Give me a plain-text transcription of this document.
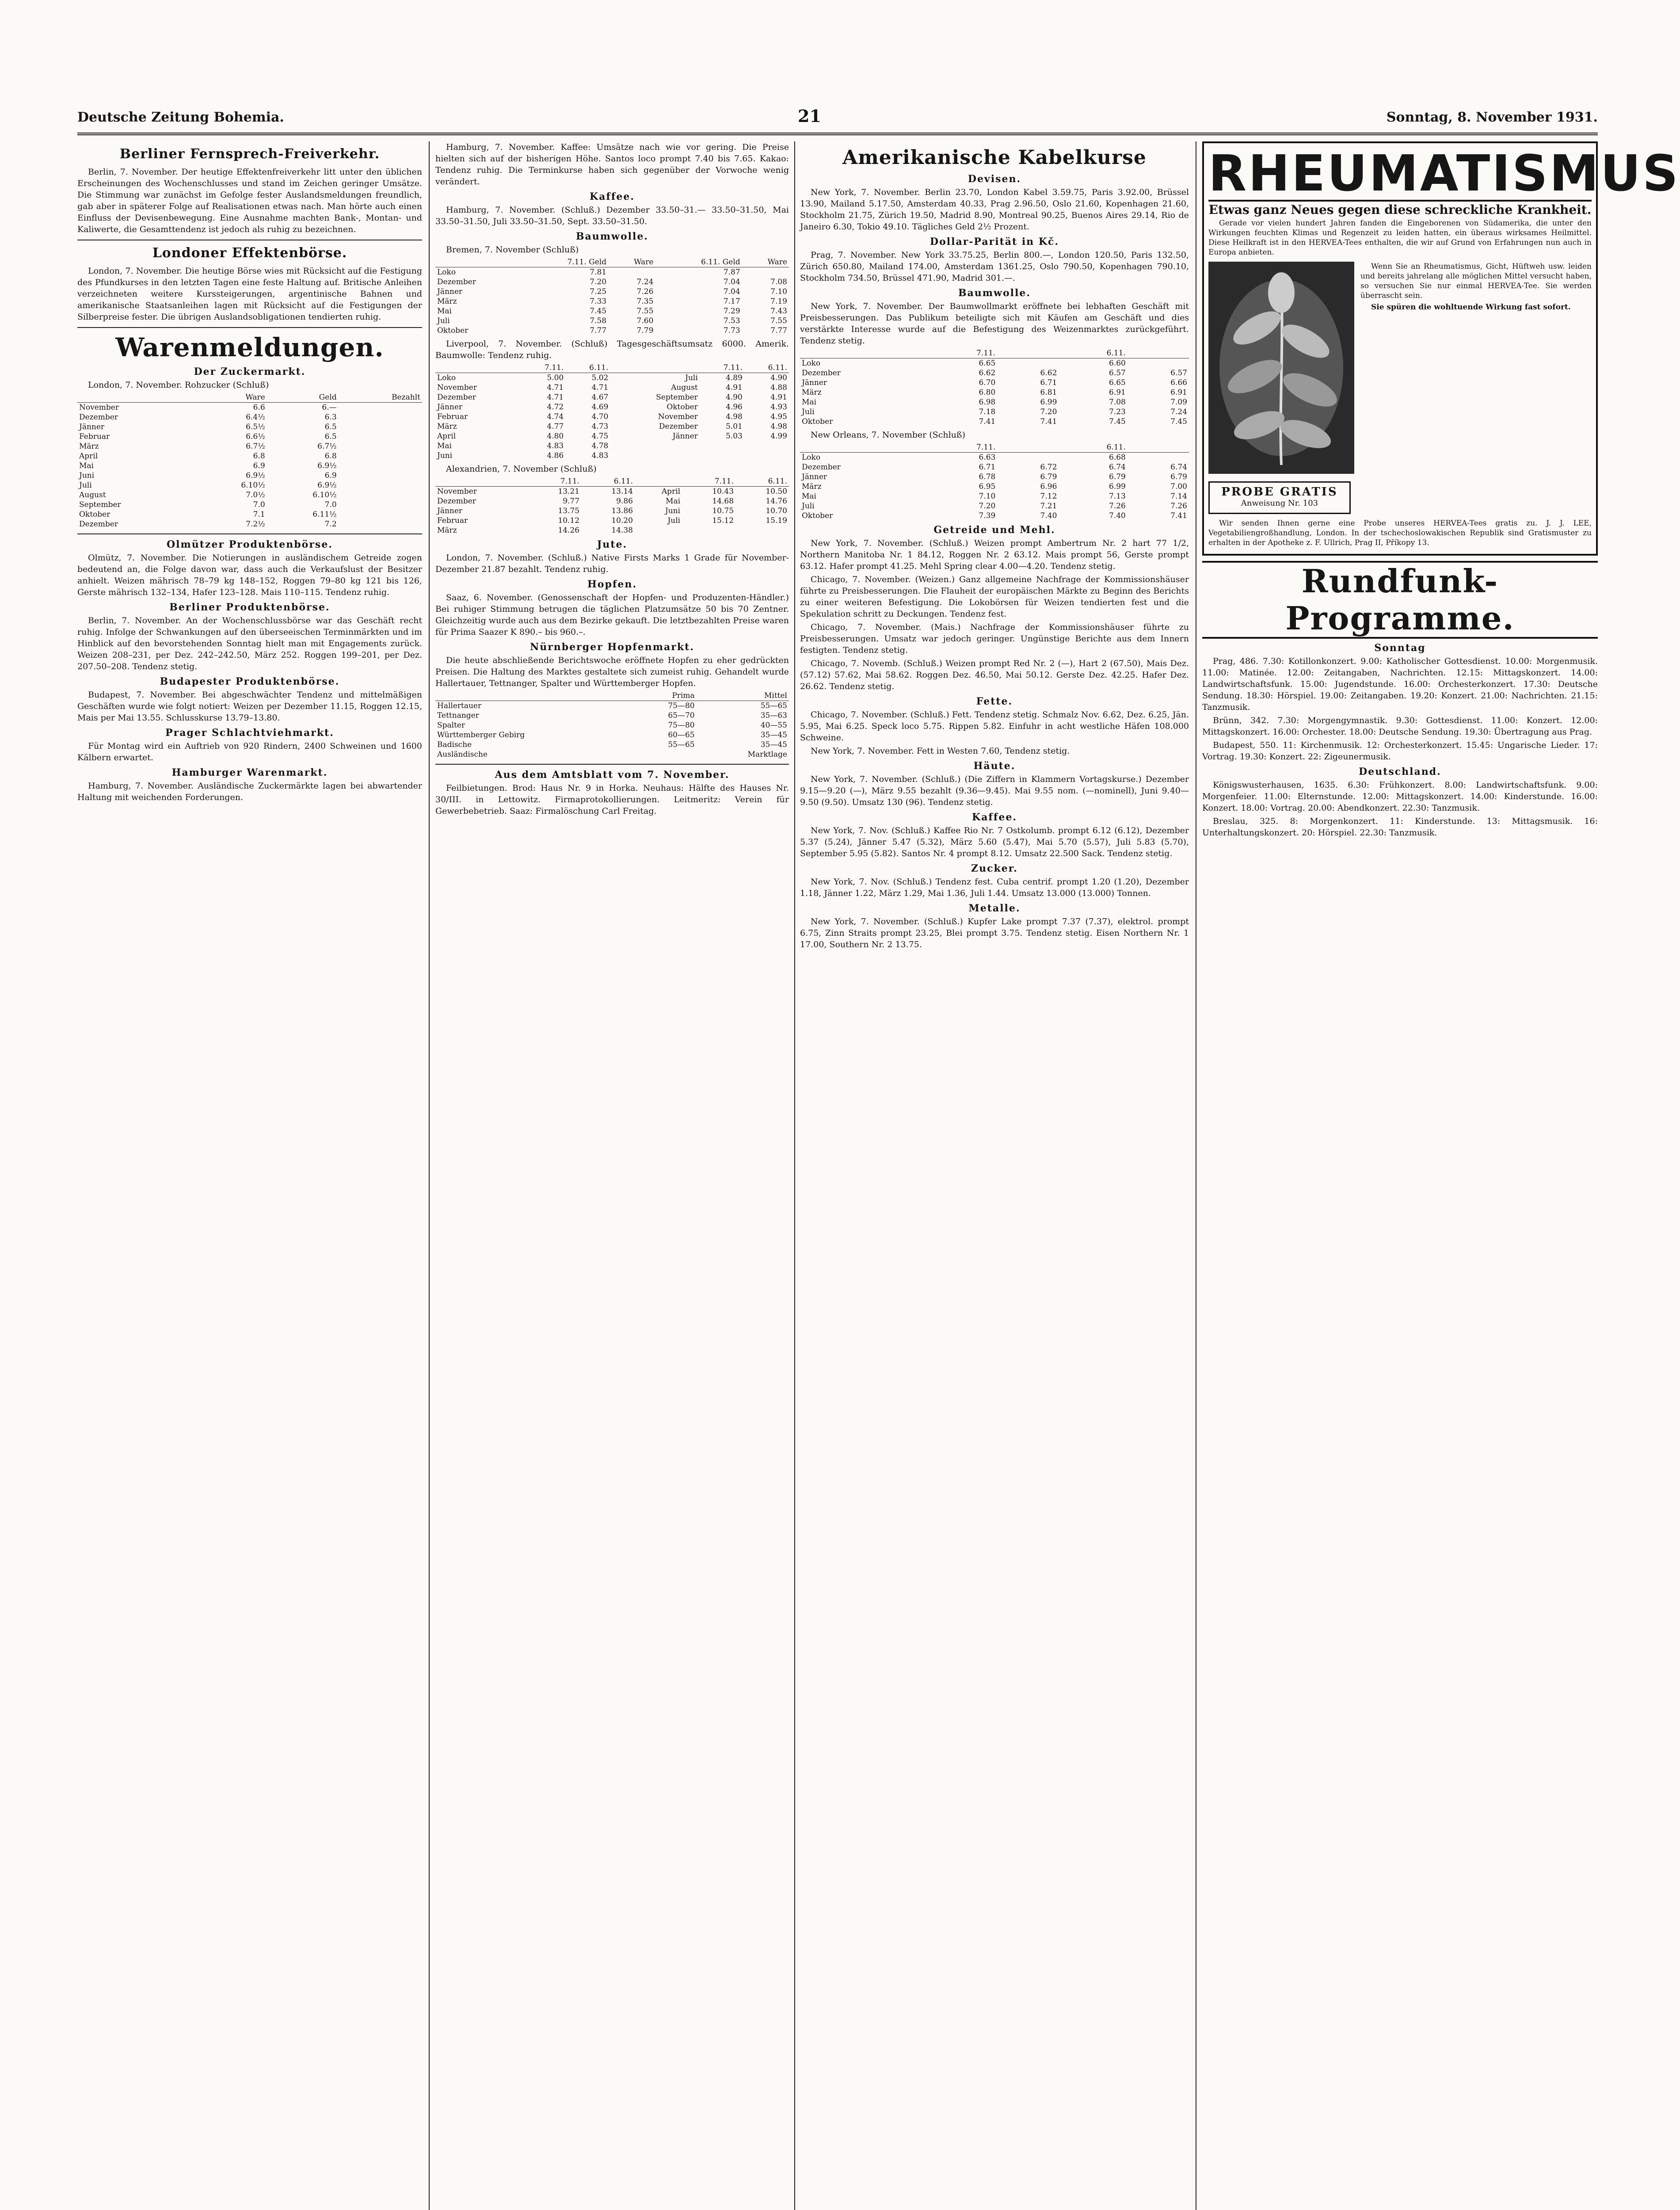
Deutsche Zeitung Bohemia.	21	Sonntag, 8. November 1931.
Berliner Fernsprech-Freiverkehr.

Berlin, 7. November. Der heutige Effektenfreiverkehr litt unter den üblichen Erscheinungen des Wochenschlusses und stand im Zeichen geringer Umsätze. Die Stimmung war zunächst im Gefolge fester Auslandsmeldungen freundlich, gab aber in späterer Folge auf Realisationen etwas nach. Man hörte auch einen Einfluss der Devisenbewegung. Eine Ausnahme machten Bank-, Montan- und Kaliwerte, die Gesamttendenz ist jedoch als ruhig zu bezeichnen.

Londoner Effektenbörse.

London, 7. November. Die heutige Börse wies mit Rücksicht auf die Festigung des Pfundkurses in den letzten Tagen eine feste Haltung auf. Britische Anleihen verzeichneten weitere Kurssteigerungen, argentinische Bahnen und amerikanische Staatsanleihen lagen mit Rücksicht auf die Festigungen der Silberpreise fester. Die übrigen Auslandsobligationen tendierten ruhig.

Warenmeldungen.
Der Zuckermarkt.

London, 7. November. Rohzucker (Schluß)

	Ware	Geld	Bezahlt
November	6.6	6.—	
Dezember	6.4½	6.3	
Jänner	6.5½	6.5	
Februar	6.6½	6.5	
März	6.7½	6.7½	
April	6.8	6.8	
Mai	6.9	6.9½	
Juni	6.9½	6.9	
Juli	6.10½	6.9½	
August	7.0½	6.10½	
September	7.0	7.0	
Oktober	7.1	6.11½	
Dezember	7.2½	7.2	
Olmützer Produktenbörse.

Olmütz, 7. November. Die Notierungen in ausländischem Getreide zogen bedeutend an, die Folge davon war, dass auch die Verkaufslust der Besitzer anhielt. Weizen mährisch 78–79 kg 148–152, Roggen 79–80 kg 121 bis 126, Gerste mährisch 132–134, Hafer 123–128. Mais 110–115. Tendenz ruhig.

Berliner Produktenbörse.

Berlin, 7. November. An der Wochenschlussbörse war das Geschäft recht ruhig. Infolge der Schwankungen auf den überseeischen Terminmärkten und im Hinblick auf den bevorstehenden Sonntag hielt man mit Engagements zurück. Weizen 208–231, per Dez. 242–242.50, März 252. Roggen 199–201, per Dez. 207.50–208. Tendenz stetig.

Budapester Produktenbörse.

Budapest, 7. November. Bei abgeschwächter Tendenz und mittelmäßigen Geschäften wurde wie folgt notiert: Weizen per Dezember 11.15, Roggen 12.15, Mais per Mai 13.55. Schlusskurse 13.79–13.80.

Prager Schlachtviehmarkt.

Für Montag wird ein Auftrieb von 920 Rindern, 2400 Schweinen und 1600 Kälbern erwartet.

Hamburger Warenmarkt.

Hamburg, 7. November. Ausländische Zuckermärkte lagen bei abwartender Haltung mit weichenden Forderungen.

Hamburg, 7. November. Kaffee: Umsätze nach wie vor gering. Die Preise hielten sich auf der bisherigen Höhe. Santos loco prompt 7.40 bis 7.65. Kakao: Tendenz ruhig. Die Terminkurse haben sich gegenüber der Vorwoche wenig verändert.

Kaffee.

Hamburg, 7. November. (Schluß.) Dezember 33.50–31.— 33.50–31.50, Mai 33.50–31.50, Juli 33.50–31.50, Sept. 33.50–31.50.

Baumwolle.

Bremen, 7. November (Schluß)

	7.11. Geld	Ware	6.11. Geld	Ware
Loko	7.81		7.87	
Dezember	7.20	7.24	7.04	7.08
Jänner	7.25	7.26	7.04	7.10
März	7.33	7.35	7.17	7.19
Mai	7.45	7.55	7.29	7.43
Juli	7.58	7.60	7.53	7.55
Oktober	7.77	7.79	7.73	7.77

Liverpool, 7. November. (Schluß) Tagesgeschäftsumsatz 6000. Amerik. Baumwolle: Tendenz ruhig.

	7.11.	6.11.		7.11.	6.11.
Loko	5.00	5.02	Juli	4.89	4.90
November	4.71	4.71	August	4.91	4.88
Dezember	4.71	4.67	September	4.90	4.91
Jänner	4.72	4.69	Oktober	4.96	4.93
Februar	4.74	4.70	November	4.98	4.95
März	4.77	4.73	Dezember	5.01	4.98
April	4.80	4.75	Jänner	5.03	4.99
Mai	4.83	4.78			
Juni	4.86	4.83			

Alexandrien, 7. November (Schluß)

	7.11.	6.11.		7.11.	6.11.
November	13.21	13.14	April	10.43	10.50
Dezember	9.77	9.86	Mai	14.68	14.76
Jänner	13.75	13.86	Juni	10.75	10.70
Februar	10.12	10.20	Juli	15.12	15.19
März	14.26	14.38			
Jute.

London, 7. November. (Schluß.) Native Firsts Marks 1 Grade für November-Dezember 21.87 bezahlt. Tendenz ruhig.

Hopfen.

Saaz, 6. November. (Genossenschaft der Hopfen- und Produzenten-Händler.) Bei ruhiger Stimmung betrugen die täglichen Platzumsätze 50 bis 70 Zentner. Gleichzeitig wurde auch aus dem Bezirke gekauft. Die letztbezahlten Preise waren für Prima Saazer K 890.– bis 960.–.

Nürnberger Hopfenmarkt.

Die heute abschließende Berichtswoche eröffnete Hopfen zu eher gedrückten Preisen. Die Haltung des Marktes gestaltete sich zumeist ruhig. Gehandelt wurde Hallertauer, Tettnanger, Spalter und Württemberger Hopfen.

	Prima	Mittel
Hallertauer	75—80	55—65
Tettnanger	65—70	35—63
Spalter	75—80	40—55
Württemberger Gebirg	60—65	35—45
Badische	55—65	35—45
Ausländische		Marktlage
Aus dem Amtsblatt vom 7. November.

Feilbietungen. Brod: Haus Nr. 9 in Horka. Neuhaus: Hälfte des Hauses Nr. 30/III. in Lettowitz. Firmaprotokollierungen. Leitmeritz: Verein für Gewerbebetrieb. Saaz: Firmalöschung Carl Freitag.

Amerikanische Kabelkurse
Devisen.

New York, 7. November. Berlin 23.70, London Kabel 3.59.75, Paris 3.92.00, Brüssel 13.90, Mailand 5.17.50, Amsterdam 40.33, Prag 2.96.50, Oslo 21.60, Kopenhagen 21.60, Stockholm 21.75, Zürich 19.50, Madrid 8.90, Montreal 90.25, Buenos Aires 29.14, Rio de Janeiro 6.30, Tokio 49.10. Tägliches Geld 2½ Prozent.

Dollar-Parität in Kč.

Prag, 7. November. New York 33.75.25, Berlin 800.—, London 120.50, Paris 132.50, Zürich 650.80, Mailand 174.00, Amsterdam 1361.25, Oslo 790.50, Kopenhagen 790.10, Stockholm 734.50, Brüssel 471.90, Madrid 301.—.

Baumwolle.

New York, 7. November. Der Baumwollmarkt eröffnete bei lebhaften Geschäft mit Preisbesserungen. Das Publikum beteiligte sich mit Käufen am Geschäft und dies verstärkte Interesse wurde auf die Befestigung des Weizenmarktes zurückgeführt. Tendenz stetig.

	7.11.		6.11.	
Loko	6.65		6.60	
Dezember	6.62	6.62	6.57	6.57
Jänner	6.70	6.71	6.65	6.66
März	6.80	6.81	6.91	6.91
Mai	6.98	6.99	7.08	7.09
Juli	7.18	7.20	7.23	7.24
Oktober	7.41	7.41	7.45	7.45

New Orleans, 7. November (Schluß)

	7.11.		6.11.	
Loko	6.63		6.68	
Dezember	6.71	6.72	6.74	6.74
Jänner	6.78	6.79	6.79	6.79
März	6.95	6.96	6.99	7.00
Mai	7.10	7.12	7.13	7.14
Juli	7.20	7.21	7.26	7.26
Oktober	7.39	7.40	7.40	7.41
Getreide und Mehl.

New York, 7. November. (Schluß.) Weizen prompt Ambertrum Nr. 2 hart 77 1/2, Northern Manitoba Nr. 1 84.12, Roggen Nr. 2 63.12. Mais prompt 56, Gerste prompt 63.12. Hafer prompt 41.25. Mehl Spring clear 4.00—4.20. Tendenz stetig.

Chicago, 7. November. (Weizen.) Ganz allgemeine Nachfrage der Kommissionshäuser führte zu Preisbesserungen. Die Flauheit der europäischen Märkte zu Beginn des Berichts zu einer weiteren Befestigung. Die Lokobörsen für Weizen tendierten fest und die Spekulation schritt zu Deckungen. Tendenz fest.

Chicago, 7. November. (Mais.) Nachfrage der Kommissionshäuser führte zu Preisbesserungen. Umsatz war jedoch geringer. Ungünstige Berichte aus dem Innern festigten. Tendenz stetig.

Chicago, 7. Novemb. (Schluß.) Weizen prompt Red Nr. 2 (—), Hart 2 (67.50), Mais Dez. (57.12) 57.62, Mai 58.62. Roggen Dez. 46.50, Mai 50.12. Gerste Dez. 42.25. Hafer Dez. 26.62. Tendenz stetig.

Fette.

Chicago, 7. November. (Schluß.) Fett. Tendenz stetig. Schmalz Nov. 6.62, Dez. 6.25, Jän. 5.95, Mai 6.25. Speck loco 5.75. Rippen 5.82. Einfuhr in acht westliche Häfen 108.000 Schweine.

New York, 7. November. Fett in Westen 7.60, Tendenz stetig.

Häute.

New York, 7. November. (Schluß.) (Die Ziffern in Klammern Vortagskurse.) Dezember 9.15—9.20 (—), März 9.55 bezahlt (9.36—9.45). Mai 9.55 nom. (—nominell), Juni 9.40—9.50 (9.50). Umsatz 130 (96). Tendenz stetig.

Kaffee.

New York, 7. Nov. (Schluß.) Kaffee Rio Nr. 7 Ostkolumb. prompt 6.12 (6.12), Dezember 5.37 (5.24), Jänner 5.47 (5.32), März 5.60 (5.47), Mai 5.70 (5.57), Juli 5.83 (5.70), September 5.95 (5.82). Santos Nr. 4 prompt 8.12. Umsatz 22.500 Sack. Tendenz stetig.

Zucker.

New York, 7. Nov. (Schluß.) Tendenz fest. Cuba centrif. prompt 1.20 (1.20), Dezember 1.18, Jänner 1.22, März 1.29, Mai 1.36, Juli 1.44. Umsatz 13.000 (13.000) Tonnen.

Metalle.

New York, 7. November. (Schluß.) Kupfer Lake prompt 7.37 (7.37), elektrol. prompt 6.75, Zinn Straits prompt 23.25, Blei prompt 3.75. Tendenz stetig. Eisen Northern Nr. 1 17.00, Southern Nr. 2 13.75.

RHEUMATISMUS
Etwas ganz Neues gegen diese schreckliche Krankheit.

Gerade vor vielen hundert Jahren fanden die Eingeborenen von Südamerika, die unter den Wirkungen feuchten Klimas und Regenzeit zu leiden hatten, ein überaus wirksames Heilmittel. Diese Heilkraft ist in den HERVEA-Tees enthalten, die wir auf Grund von Erfahrungen nun auch in Europa anbieten.

PROBE GRATIS
Anweisung Nr. 103

Wenn Sie an Rheumatismus, Gicht, Hüftweh usw. leiden und bereits jahrelang alle möglichen Mittel versucht haben, so versuchen Sie nur einmal HERVEA-Tee. Sie werden überrascht sein.

Sie spüren die wohltuende Wirkung fast sofort.

Wir senden Ihnen gerne eine Probe unseres HERVEA-Tees gratis zu. J. J. LEE, Vegetabiliengroßhandlung, London. In der tschechoslowakischen Republik sind Gratismuster zu erhalten in der Apotheke z. F. Ullrich, Prag II, Příkopy 13.

Rundfunk-Programme.
Sonntag

Prag, 486. 7.30: Kotillonkonzert. 9.00: Katholischer Gottesdienst. 10.00: Morgenmusik. 11.00: Matinée. 12.00: Zeitangaben, Nachrichten. 12.15: Mittagskonzert. 14.00: Landwirtschaftsfunk. 15.00: Jugendstunde. 16.00: Orchesterkonzert. 17.30: Deutsche Sendung. 18.30: Hörspiel. 19.00: Zeitangaben. 19.20: Konzert. 21.00: Nachrichten. 21.15: Tanzmusik.

Brünn, 342. 7.30: Morgengymnastik. 9.30: Gottesdienst. 11.00: Konzert. 12.00: Mittagskonzert. 16.00: Orchester. 18.00: Deutsche Sendung. 19.30: Übertragung aus Prag.

Budapest, 550. 11: Kirchenmusik. 12: Orchesterkonzert. 15.45: Ungarische Lieder. 17: Vortrag. 19.30: Konzert. 22: Zigeunermusik.

Deutschland.

Königswusterhausen, 1635. 6.30: Frühkonzert. 8.00: Landwirtschaftsfunk. 9.00: Morgenfeier. 11.00: Elternstunde. 12.00: Mittagskonzert. 14.00: Kinderstunde. 16.00: Konzert. 18.00: Vortrag. 20.00: Abendkonzert. 22.30: Tanzmusik.

Breslau, 325. 8: Morgenkonzert. 11: Kinderstunde. 13: Mittagsmusik. 16: Unterhaltungskonzert. 20: Hörspiel. 22.30: Tanzmusik.
